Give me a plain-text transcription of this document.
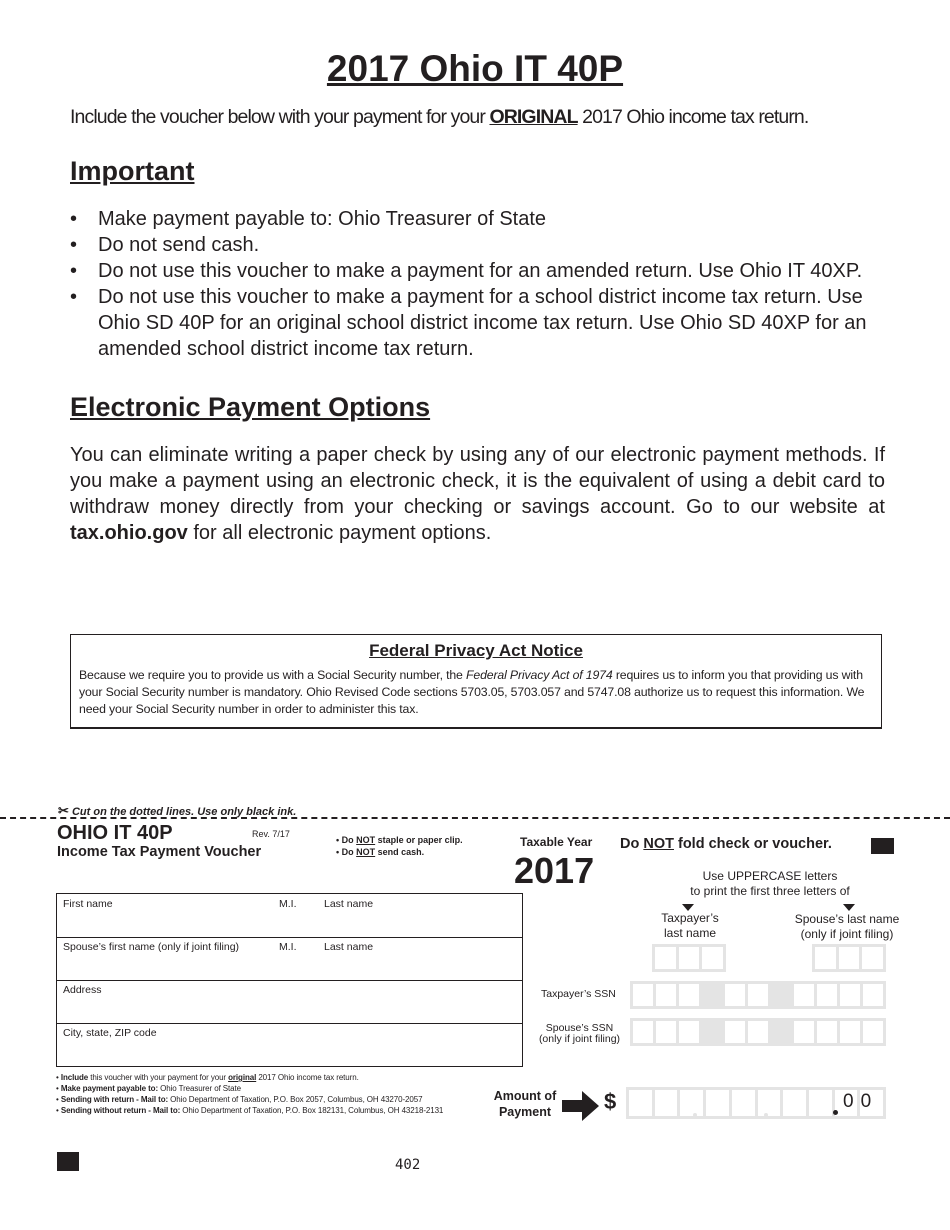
2017 Ohio IT 40P
Include the voucher below with your payment for your ORIGINAL 2017 Ohio income tax return.
Important
• Make payment payable to: Ohio Treasurer of State
• Do not send cash.
• Do not use this voucher to make a payment for an amended return. Use Ohio IT 40XP.
• Do not use this voucher to make a payment for a school district income tax return. Use Ohio SD 40P for an original school district income tax return. Use Ohio SD 40XP for an amended school district income tax return.
Electronic Payment Options

You can eliminate writing a paper check by using any of our electronic payment methods. If you make a payment using an electronic check, it is the equivalent of using a debit card to withdraw money directly from your checking or savings account. Go to our website at tax.ohio.gov for all electronic payment options.

Federal Privacy Act Notice
Because we require you to provide us with a Social Security number, the Federal Privacy Act of 1974 requires us to inform you that providing us with your Social Security number is mandatory. Ohio Revised Code sections 5703.05, 5703.057 and 5747.08 authorize us to request this information. We need your Social Security number in order to administer this tax.
✂ Cut on the dotted lines. Use only black ink.
OHIO IT 40P
Income Tax Payment Voucher
Rev. 7/17
• Do NOT staple or paper clip.
• Do NOT send cash.
Taxable Year
2017
Do NOT fold check or voucher.
Use UPPERCASE letters
to print the first three letters of
Taxpayer’s
last name
Spouse’s last name
(only if joint filing)
First name	M.I.	Last name
Spouse’s first name (only if joint filing)	M.I.	Last name
Address
City, state, ZIP code
Taxpayer’s SSN
Spouse’s SSN
(only if joint filing)
• Include this voucher with your payment for your original 2017 Ohio income tax return.
• Make payment payable to: Ohio Treasurer of State
• Sending with return - Mail to: Ohio Department of Taxation, P.O. Box 2057, Columbus, OH 43270-2057
• Sending without return - Mail to: Ohio Department of Taxation, P.O. Box 182131, Columbus, OH 43218-2131
Amount of
Payment	$	00
402
